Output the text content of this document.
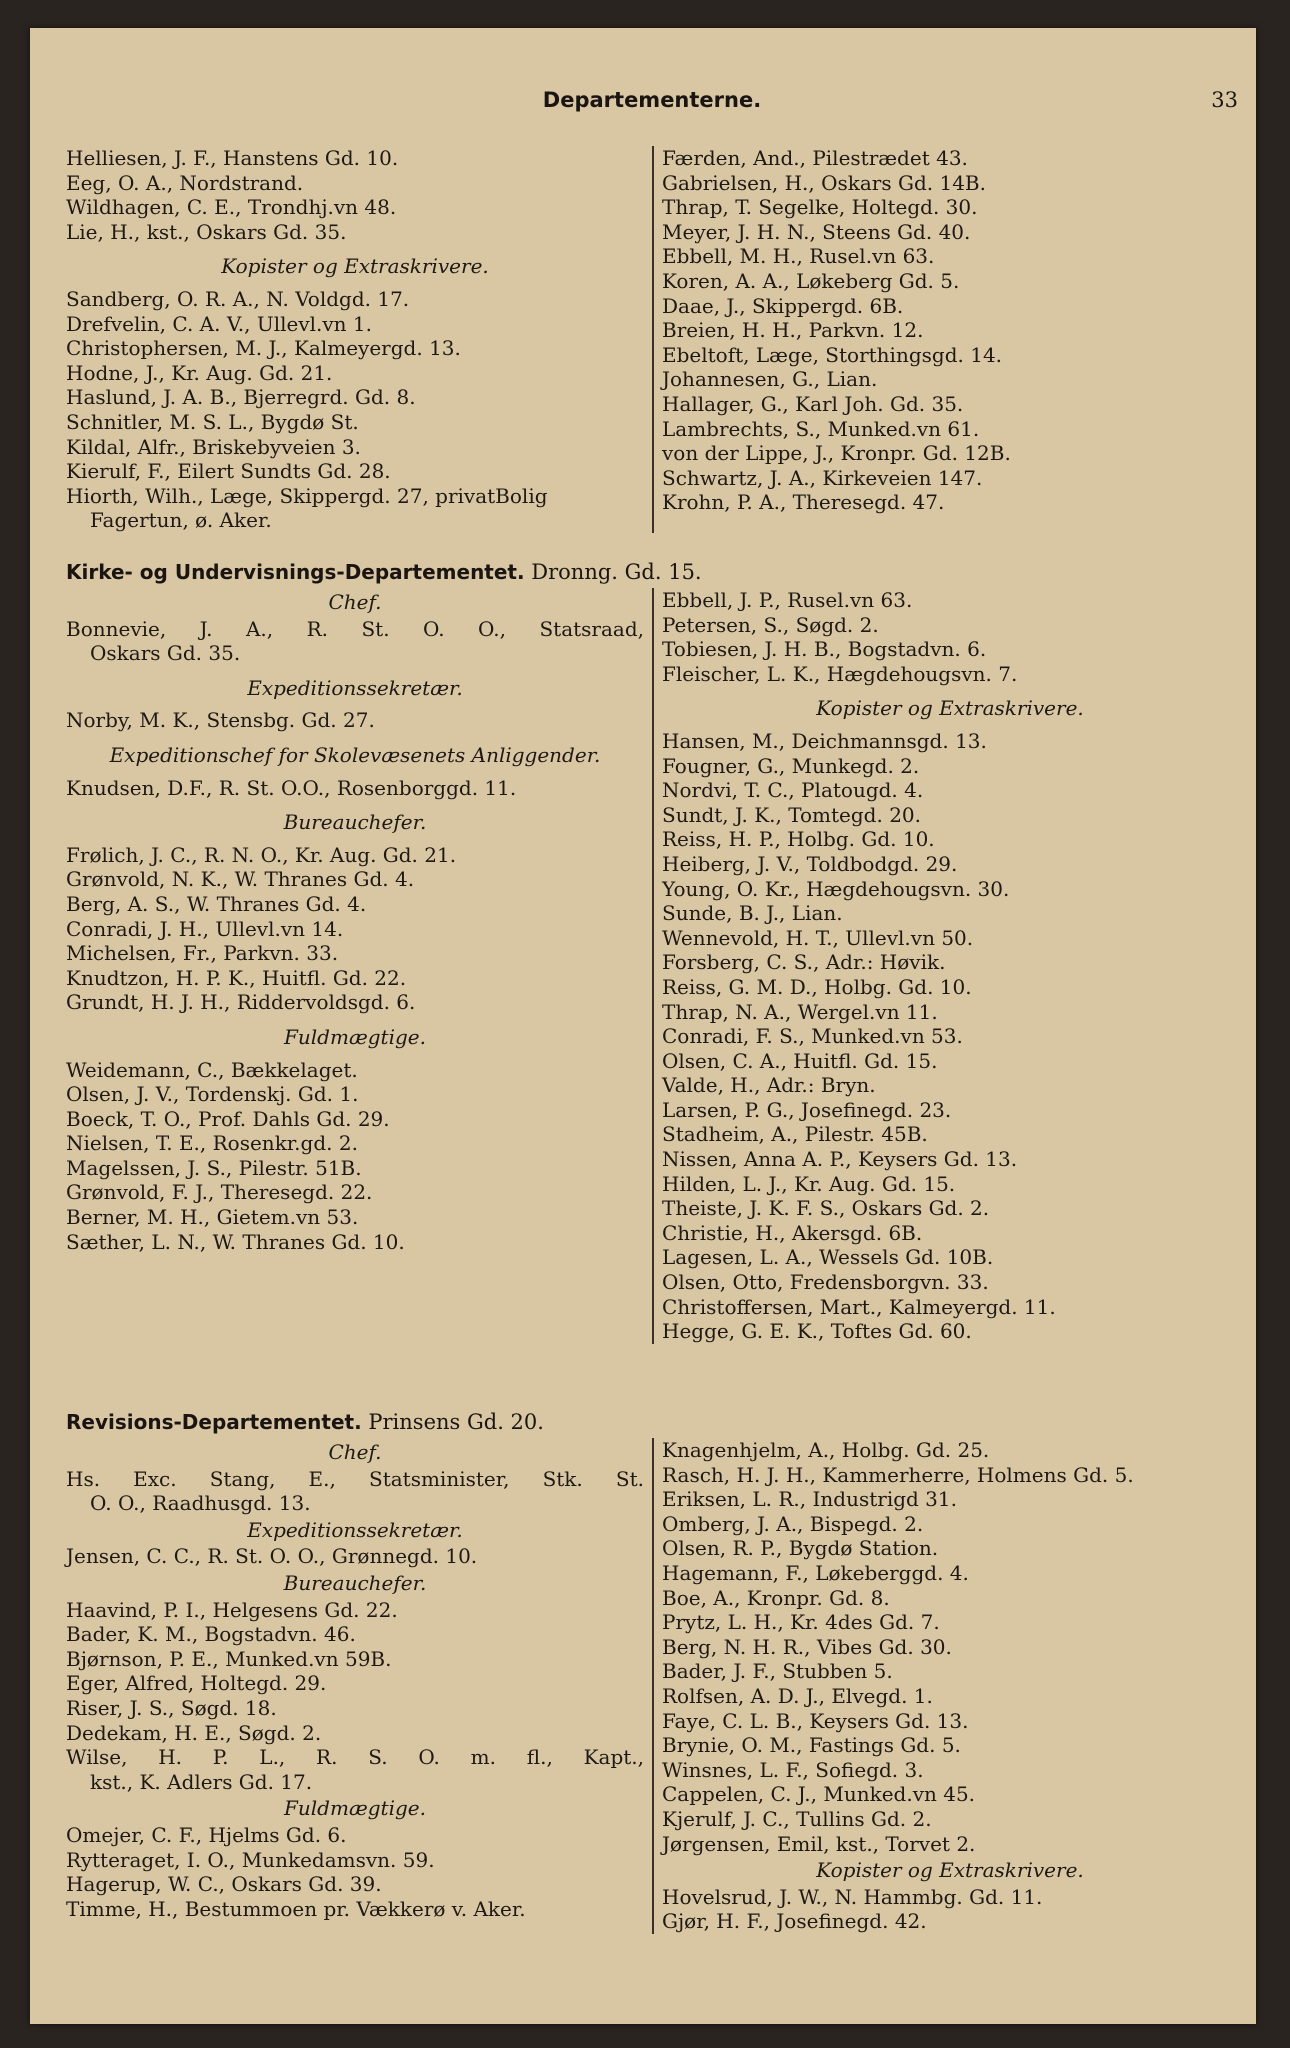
Departementerne.	33
Helliesen, J. F., Hanstens Gd. 10.
Eeg, O. A., Nordstrand.
Wildhagen, C. E., Trondhj.vn 48.
Lie, H., kst., Oskars Gd. 35.
Kopister og Extraskrivere.
Sandberg, O. R. A., N. Voldgd. 17.
Drefvelin, C. A. V., Ullevl.vn 1.
Christophersen, M. J., Kalmeyergd. 13.
Hodne, J., Kr. Aug. Gd. 21.
Haslund, J. A. B., Bjerregrd. Gd. 8.
Schnitler, M. S. L., Bygdø St.
Kildal, Alfr., Briskebyveien 3.
Kierulf, F., Eilert Sundts Gd. 28.
Hiorth, Wilh., Læge, Skippergd. 27, privatBolig
Fagertun, ø. Aker.
Færden, And., Pilestrædet 43.
Gabrielsen, H., Oskars Gd. 14B.
Thrap, T. Segelke, Holtegd. 30.
Meyer, J. H. N., Steens Gd. 40.
Ebbell, M. H., Rusel.vn 63.
Koren, A. A., Løkeberg Gd. 5.
Daae, J., Skippergd. 6B.
Breien, H. H., Parkvn. 12.
Ebeltoft, Læge, Storthingsgd. 14.
Johannesen, G., Lian.
Hallager, G., Karl Joh. Gd. 35.
Lambrechts, S., Munked.vn 61.
von der Lippe, J., Kronpr. Gd. 12B.
Schwartz, J. A., Kirkeveien 147.
Krohn, P. A., Theresegd. 47.
Kirke- og Undervisnings-Departementet. Dronng. Gd. 15.
Chef.
Bonnevie, J. A., R. St. O. O., Statsraad,
Oskars Gd. 35.
Expeditionssekretær.
Norby, M. K., Stensbg. Gd. 27.
Expeditionschef for Skolevæsenets Anliggender.
Knudsen, D.F., R. St. O.O., Rosenborggd. 11.
Bureauchefer.
Frølich, J. C., R. N. O., Kr. Aug. Gd. 21.
Grønvold, N. K., W. Thranes Gd. 4.
Berg, A. S., W. Thranes Gd. 4.
Conradi, J. H., Ullevl.vn 14.
Michelsen, Fr., Parkvn. 33.
Knudtzon, H. P. K., Huitfl. Gd. 22.
Grundt, H. J. H., Riddervoldsgd. 6.
Fuldmægtige.
Weidemann, C., Bækkelaget.
Olsen, J. V., Tordenskj. Gd. 1.
Boeck, T. O., Prof. Dahls Gd. 29.
Nielsen, T. E., Rosenkr.gd. 2.
Magelssen, J. S., Pilestr. 51B.
Grønvold, F. J., Theresegd. 22.
Berner, M. H., Gietem.vn 53.
Sæther, L. N., W. Thranes Gd. 10.
Ebbell, J. P., Rusel.vn 63.
Petersen, S., Søgd. 2.
Tobiesen, J. H. B., Bogstadvn. 6.
Fleischer, L. K., Hægdehougsvn. 7.
Kopister og Extraskrivere.
Hansen, M., Deichmannsgd. 13.
Fougner, G., Munkegd. 2.
Nordvi, T. C., Platougd. 4.
Sundt, J. K., Tomtegd. 20.
Reiss, H. P., Holbg. Gd. 10.
Heiberg, J. V., Toldbodgd. 29.
Young, O. Kr., Hægdehougsvn. 30.
Sunde, B. J., Lian.
Wennevold, H. T., Ullevl.vn 50.
Forsberg, C. S., Adr.: Høvik.
Reiss, G. M. D., Holbg. Gd. 10.
Thrap, N. A., Wergel.vn 11.
Conradi, F. S., Munked.vn 53.
Olsen, C. A., Huitfl. Gd. 15.
Valde, H., Adr.: Bryn.
Larsen, P. G., Josefinegd. 23.
Stadheim, A., Pilestr. 45B.
Nissen, Anna A. P., Keysers Gd. 13.
Hilden, L. J., Kr. Aug. Gd. 15.
Theiste, J. K. F. S., Oskars Gd. 2.
Christie, H., Akersgd. 6B.
Lagesen, L. A., Wessels Gd. 10B.
Olsen, Otto, Fredensborgvn. 33.
Christoffersen, Mart., Kalmeyergd. 11.
Hegge, G. E. K., Toftes Gd. 60.
Revisions-Departementet. Prinsens Gd. 20.
Chef.
Hs. Exc. Stang, E., Statsminister, Stk. St.
O. O., Raadhusgd. 13.
Expeditionssekretær.
Jensen, C. C., R. St. O. O., Grønnegd. 10.
Bureauchefer.
Haavind, P. I., Helgesens Gd. 22.
Bader, K. M., Bogstadvn. 46.
Bjørnson, P. E., Munked.vn 59B.
Eger, Alfred, Holtegd. 29.
Riser, J. S., Søgd. 18.
Dedekam, H. E., Søgd. 2.
Wilse, H. P. L., R. S. O. m. fl., Kapt.,
kst., K. Adlers Gd. 17.
Fuldmægtige.
Omejer, C. F., Hjelms Gd. 6.
Rytteraget, I. O., Munkedamsvn. 59.
Hagerup, W. C., Oskars Gd. 39.
Timme, H., Bestummoen pr. Vækkerø v. Aker.
Knagenhjelm, A., Holbg. Gd. 25.
Rasch, H. J. H., Kammerherre, Holmens Gd. 5.
Eriksen, L. R., Industrigd 31.
Omberg, J. A., Bispegd. 2.
Olsen, R. P., Bygdø Station.
Hagemann, F., Løkeberggd. 4.
Boe, A., Kronpr. Gd. 8.
Prytz, L. H., Kr. 4des Gd. 7.
Berg, N. H. R., Vibes Gd. 30.
Bader, J. F., Stubben 5.
Rolfsen, A. D. J., Elvegd. 1.
Faye, C. L. B., Keysers Gd. 13.
Brynie, O. M., Fastings Gd. 5.
Winsnes, L. F., Sofiegd. 3.
Cappelen, C. J., Munked.vn 45.
Kjerulf, J. C., Tullins Gd. 2.
Jørgensen, Emil, kst., Torvet 2.
Kopister og Extraskrivere.
Hovelsrud, J. W., N. Hammbg. Gd. 11.
Gjør, H. F., Josefinegd. 42.
